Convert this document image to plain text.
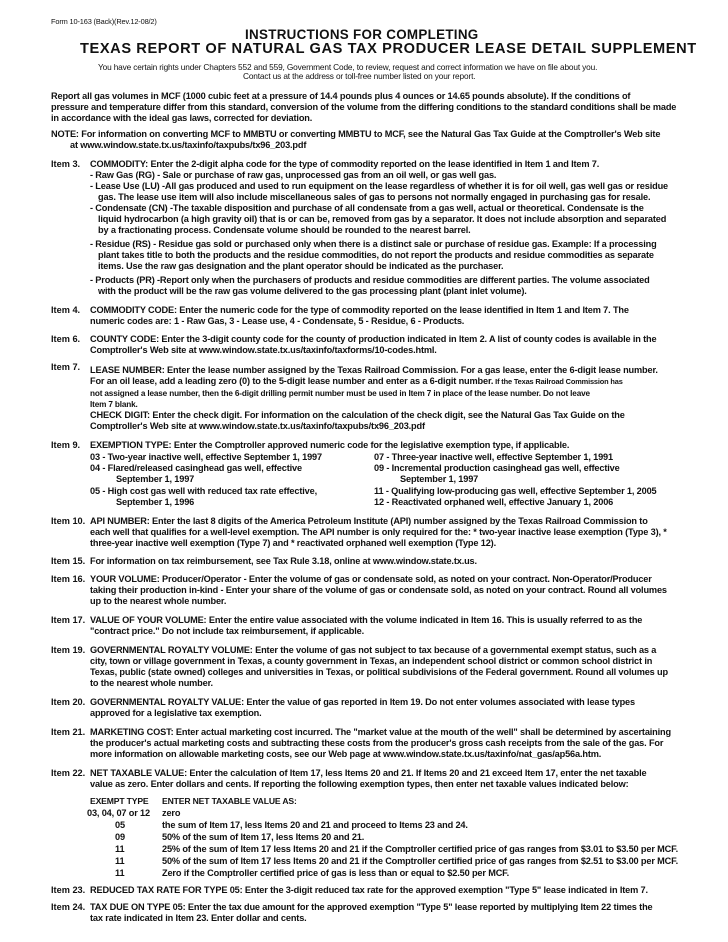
Form 10-163 (Back)(Rev.12-08/2)
INSTRUCTIONS FOR COMPLETING
TEXAS REPORT OF NATURAL GAS TAX PRODUCER LEASE DETAIL SUPPLEMENT
You have certain rights under Chapters 552 and 559, Government Code, to review, request and correct information we have on file about you.
Contact us at the address or toll-free number listed on your report.
Report all gas volumes in MCF (1000 cubic feet at a pressure of 14.4 pounds plus 4 ounces or 14.65 pounds absolute). If the conditions of
pressure and temperature differ from this standard, conversion of the volume from the differing conditions to the standard conditions shall be made
in accordance with the ideal gas laws, corrected for deviation.
NOTE: For information on converting MCF to MMBTU or converting MMBTU to MCF, see the Natural Gas Tax Guide at the Comptroller's Web site
at www.window.state.tx.us/taxinfo/taxpubs/tx96_203.pdf
Item 3. COMMODITY: Enter the 2-digit alpha code for the type of commodity reported on the lease identified in Item 1 and Item 7.
- Raw Gas (RG) - Sale or purchase of raw gas, unprocessed gas from an oil well, or gas well gas.
- Lease Use (LU) -All gas produced and used to run equipment on the lease regardless of whether it is for oil well, gas well gas or residue
gas. The lease use item will also include miscellaneous sales of gas to persons not normally engaged in purchasing gas for resale.
- Condensate (CN) -The taxable disposition and purchase of all condensate from a gas well, actual or theoretical. Condensate is the
liquid hydrocarbon (a high gravity oil) that is or can be, removed from gas by a separator. It does not include absorption and separated
by a fractionating process. Condensate volume should be rounded to the nearest barrel.
- Residue (RS) - Residue gas sold or purchased only when there is a distinct sale or purchase of residue gas. Example: If a processing
plant takes title to both the products and the residue commodities, do not report the products and residue commodities as separate
items. Use the raw gas designation and the plant operator should be indicated as the purchaser.
- Products (PR) -Report only when the purchasers of products and residue commodities are different parties. The volume associated
with the product will be the raw gas volume delivered to the gas processing plant (plant inlet volume).
Item 4. COMMODITY CODE: Enter the numeric code for the type of commodity reported on the lease identified in Item 1 and Item 7. The
numeric codes are: 1 - Raw Gas, 3 - Lease use, 4 - Condensate, 5 - Residue, 6 - Products.
Item 6. COUNTY CODE: Enter the 3-digit county code for the county of production indicated in Item 2. A list of county codes is available in the
Comptroller's Web site at www.window.state.tx.us/taxinfo/taxforms/10-codes.html.
Item 7. LEASE NUMBER: Enter the lease number assigned by the Texas Railroad Commission. For a gas lease, enter the 6-digit lease number.
For an oil lease, add a leading zero (0) to the 5-digit lease number and enter as a 6-digit number. If the Texas Railroad Commission has
not assigned a lease number, then the 6-digit drilling permit number must be used in Item 7 in place of the lease number. Do not leave
Item 7 blank.
CHECK DIGIT: Enter the check digit. For information on the calculation of the check digit, see the Natural Gas Tax Guide on the
Comptroller's Web site at www.window.state.tx.us/taxinfo/taxpubs/tx96_203.pdf
Item 9. EXEMPTION TYPE: Enter the Comptroller approved numeric code for the legislative exemption type, if applicable.
03 - Two-year inactive well, effective September 1, 1997
04 - Flared/released casinghead gas well, effective
September 1, 1997
05 - High cost gas well with reduced tax rate effective,
September 1, 1996
07 - Three-year inactive well, effective September 1, 1991
09 - Incremental production casinghead gas well, effective
September 1, 1997
11 - Qualifying low-producing gas well, effective September 1, 2005
12 - Reactivated orphaned well, effective January 1, 2006
Item 10. API NUMBER: Enter the last 8 digits of the America Petroleum Institute (API) number assigned by the Texas Railroad Commission to
each well that qualifies for a well-level exemption. The API number is only required for the: * two-year inactive lease exemption (Type 3), *
three-year inactive well exemption (Type 7) and * reactivated orphaned well exemption (Type 12).
Item 15. For information on tax reimbursement, see Tax Rule 3.18, online at www.window.state.tx.us.
Item 16. YOUR VOLUME: Producer/Operator - Enter the volume of gas or condensate sold, as noted on your contract. Non-Operator/Producer
taking their production in-kind - Enter your share of the volume of gas or condensate sold, as noted on your contract. Round all volumes
up to the nearest whole number.
Item 17. VALUE OF YOUR VOLUME: Enter the entire value associated with the volume indicated in Item 16. This is usually referred to as the
"contract price." Do not include tax reimbursement, if applicable.
Item 19. GOVERNMENTAL ROYALTY VOLUME: Enter the volume of gas not subject to tax because of a governmental exempt status, such as a
city, town or village government in Texas, a county government in Texas, an independent school district or common school district in
Texas, public (state owned) colleges and universities in Texas, or political subdivisions of the Federal government. Round all volumes up
to the nearest whole number.
Item 20. GOVERNMENTAL ROYALTY VALUE: Enter the value of gas reported in Item 19. Do not enter volumes associated with lease types
approved for a legislative tax exemption.
Item 21. MARKETING COST: Enter actual marketing cost incurred. The "market value at the mouth of the well" shall be determined by ascertaining
the producer's actual marketing costs and subtracting these costs from the producer's gross cash receipts from the sale of the gas. For
more information on allowable marketing costs, see our Web page at www.window.state.tx.us/taxinfo/nat_gas/ap56a.htm.
Item 22. NET TAXABLE VALUE: Enter the calculation of Item 17, less Items 20 and 21. If Items 20 and 21 exceed Item 17, enter the net taxable
value as zero. Enter dollars and cents. If reporting the following exemption types, then enter net taxable values indicated below:
EXEMPT TYPE ENTER NET TAXABLE VALUE AS:
03, 04, 07 or 12 zero
05	the sum of Item 17, less Items 20 and 21 and proceed to Items 23 and 24.
09	50% of the sum of Item 17, less Items 20 and 21.
11	25% of the sum of Item 17 less Items 20 and 21 if the Comptroller certified price of gas ranges from $3.01 to $3.50 per MCF.
11	50% of the sum of Item 17 less Items 20 and 21 if the Comptroller certified price of gas ranges from $2.51 to $3.00 per MCF.
11	Zero if the Comptroller certified price of gas is less than or equal to $2.50 per MCF.
Item 23. REDUCED TAX RATE FOR TYPE 05: Enter the 3-digit reduced tax rate for the approved exemption "Type 5" lease indicated in Item 7.
Item 24. TAX DUE ON TYPE 05: Enter the tax due amount for the approved exemption "Type 5" lease reported by multiplying Item 22 times the
tax rate indicated in Item 23. Enter dollar and cents.
